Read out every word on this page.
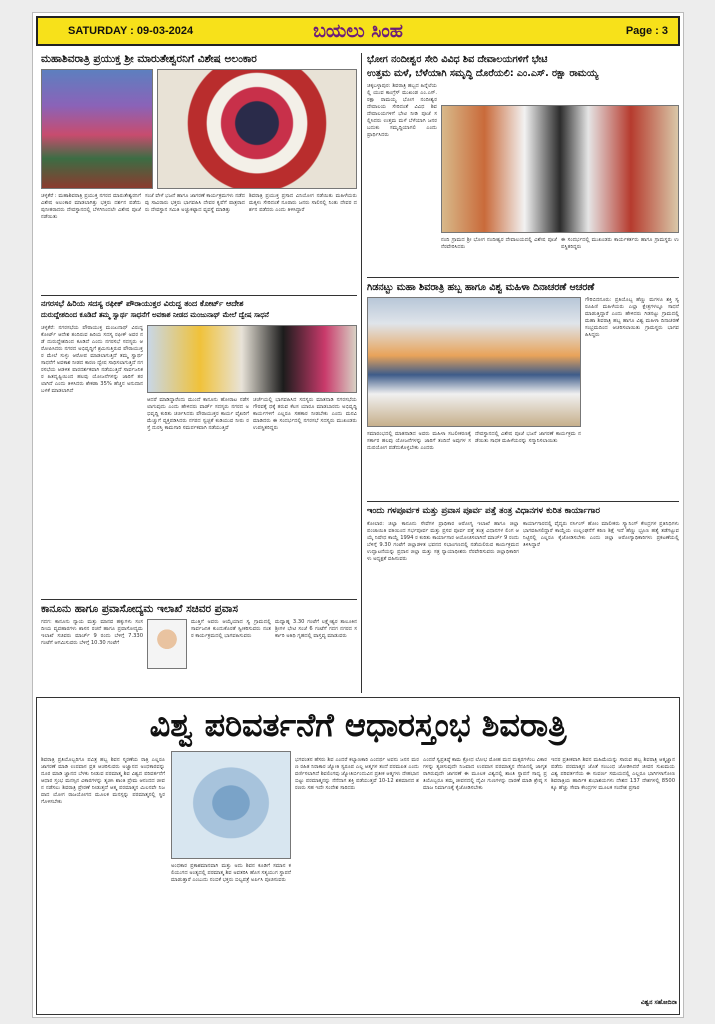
SATURDAY : 09-03-2024	ಬಯಲು ಸಿಂಹ	Page : 3
ಮಹಾಶಿವರಾತ್ರಿ ಪ್ರಯುಕ್ತ ಶ್ರೀ ಮಾರುತೇಶ್ವರನಿಗೆ ವಿಶೇಷ ಅಲಂಕಾರ
ಚಳ್ಳಕೆರೆ : ಮಹಾಶಿವರಾತ್ರಿ ಪ್ರಯುಕ್ತ ನಗರದ ಮಾರುತೇಶ್ವರನಿಗೆ ವಿಶೇಷ ಅಲಂಕಾರ ಮಾಡಲಾಗಿತ್ತು ಭಕ್ತರು ದರ್ಶನ ಪಡೆದು ಪುನೀತರಾದರು ದೇವಸ್ಥಾನದಲ್ಲಿ ಬೆಳಗಿನಿಂದಲೇ ವಿಶೇಷ ಪೂಜೆ ನಡೆಯಿತು
ಸಂಜೆ ವೇಳೆ ಭಜನೆ ಹಾಗೂ ಜಾಗರಣೆ ಕಾರ್ಯಕ್ರಮಗಳು ನಡೆದವು ಸಾವಿರಾರು ಭಕ್ತರು ಭಾಗವಹಿಸಿ ದೇವರ ಕೃಪೆಗೆ ಪಾತ್ರರಾದರು ದೇವಸ್ಥಾನ ಸಮಿತಿ ಅಚ್ಚುಕಟ್ಟಾದ ವ್ಯವಸ್ಥೆ ಮಾಡಿತ್ತು
ಶಿವರಾತ್ರಿ ಪ್ರಯುಕ್ತ ಪ್ರಸಾದ ವಿನಿಯೋಗ ನಡೆಯಿತು ಮಹಿಳೆಯರು ಮಕ್ಕಳು ಸೇರಿದಂತೆ ನೂರಾರು ಜನರು ಸಾಲಿನಲ್ಲಿ ನಿಂತು ದೇವರ ದರ್ಶನ ಪಡೆದರು ಎಂದು ತಿಳಿಸಿದ್ದಾರೆ
ನಗರಸಭೆ ಹಿರಿಯ ಸದಸ್ಯ ರಫೀಕ್ ಪೌರಾಯುಕ್ತರ ವಿರುದ್ಧ ತಂದ ಕೋರ್ಟ್ ಆದೇಶ
ದುರುದ್ದೇಶದಿಂದ ಕೂಡಿದೆ ತಮ್ಮ ಸ್ವಾರ್ಥ ಸಾಧನೆಗೆ ಅವಕಾಶ ನೀಡದ ಮಂಜುನಾಥ್ ಮೇಲೆ ದ್ವೇಷ ಸಾಧನೆ
ಚಳ್ಳಕೆರೆ: ನಗರಸಭೆಯ ಪೌರಾಯುಕ್ತ ಮಂಜುನಾಥ್ ವಿರುದ್ಧ ಕೋರ್ಟ್ ಆದೇಶ ತಂದಿರುವ ಹಿರಿಯ ಸದಸ್ಯ ರಫೀಕ್ ಅವರ ನಡೆ ದುರುದ್ದೇಶದಿಂದ ಕೂಡಿದೆ ಎಂದು ನಗರಸಭೆ ಸದಸ್ಯರು ಆರೋಪಿಸಿದರು ನಗರದ ಅಭಿವೃದ್ಧಿಗೆ ಶ್ರಮಿಸುತ್ತಿರುವ ಪೌರಾಯುಕ್ತರ ಮೇಲೆ ಸುಳ್ಳು ಆರೋಪ ಮಾಡಲಾಗುತ್ತಿದೆ ತಮ್ಮ ಸ್ವಾರ್ಥ ಸಾಧನೆಗೆ ಅವಕಾಶ ನೀಡದ ಕಾರಣ ದ್ವೇಷ ಸಾಧಿಸಲಾಗುತ್ತಿದೆ ನಗರಸಭೆಯ ಆಡಳಿತ ಪಾರದರ್ಶಕವಾಗಿ ನಡೆಯುತ್ತಿದೆ ಸಾರ್ವಜನಿಕರ ಹಿತದೃಷ್ಟಿಯಿಂದ ಹಲವು ಯೋಜನೆಗಳನ್ನು ಜಾರಿಗೆ ತರಲಾಗಿದೆ ಎಂದು ತಿಳಿಸಿದರು ಶೇಕಡಾ 35% ಹೆಚ್ಚಿನ ಅನುದಾನ ಬಳಕೆ ಮಾಡಲಾಗಿದೆ
ಆದರೆ ಮಾಡಿದ್ದಾರೆಂದು ಮುಂದೆ ಕಾನೂನು ಹೋರಾಟ ನಡೆಸಲಾಗುವುದು ಎಂದು ಹೇಳಿದರು ವಾರ್ಡ್ ಸದಸ್ಯರು ನಗರದ ಅಭಿವೃದ್ಧಿ ಕುರಿತು ಚರ್ಚಿಸಿದರು ಪೌರಾಯುಕ್ತರ ಕಾರ್ಯ ವೈಖರಿಗೆ ಮೆಚ್ಚುಗೆ ವ್ಯಕ್ತಪಡಿಸಿದರು ನಗರದ ಸ್ವಚ್ಛತೆ ಕುಡಿಯುವ ನೀರು ರಸ್ತೆ ದುರಸ್ತಿ ಕಾಮಗಾರಿ ಸಮರ್ಪಕವಾಗಿ ನಡೆಯುತ್ತಿವೆ
ಚರ್ಚೆಯಲ್ಲಿ ಭಾಗವಹಿಸಿದ ಸದಸ್ಯರು ಮಾತನಾಡಿ ನಗರಸಭೆಯ ಗೌರವಕ್ಕೆ ಧಕ್ಕೆ ತರುವ ಕೆಲಸ ಯಾರೂ ಮಾಡಬಾರದು ಅಭಿವೃದ್ಧಿ ಕಾರ್ಯಗಳಿಗೆ ಎಲ್ಲರೂ ಸಹಕಾರ ನೀಡಬೇಕು ಎಂದು ಮನವಿ ಮಾಡಿದರು ಈ ಸಂದರ್ಭದಲ್ಲಿ ನಗರಸಭೆ ಸದಸ್ಯರು ಮುಖಂಡರು ಉಪಸ್ಥಿತರಿದ್ದರು
ಕಾನೂನು ಹಾಗೂ ಪ್ರವಾಸೋದ್ಯಮ ಇಲಾಖೆ ಸಚಿವರ ಪ್ರವಾಸ
ಗದಗ: ಕಾನೂನು ನ್ಯಾಯ ಮತ್ತು ಮಾನವ ಹಕ್ಕುಗಳು ಸಂಸದೀಯ ವ್ಯವಹಾರಗಳು ಶಾಸನ ರಚನೆ ಹಾಗೂ ಪ್ರವಾಸೋದ್ಯಮ ಇಲಾಖೆ ಸಚಿವರು ಮಾರ್ಚ್ 9 ರಂದು ಬೆಳಿಗ್ಗೆ 7.330 ಗಂಟೆಗೆ ಆಗಮಿಸುವರು ಬೆಳಿಗ್ಗೆ 10.30 ಗಂಟೆಗೆ
ಮುತ್ತಿಗೆ ಅವರು ಆಯ್ಕೆಯಾದ ಸ್ವ ಗ್ರಾಮದಲ್ಲಿ ಸಾರ್ವಜನಿಕ ಕುಂದುಕೊರತೆ ಸ್ವೀಕರಿಸುವರು ನಂತರ ಕಾರ್ಯಕ್ರಮದಲ್ಲಿ ಭಾಗವಹಿಸುವರು
ಮಧ್ಯಾಹ್ನ 3.30 ಗಂಟೆಗೆ ಲಕ್ಷ್ಮೇಶ್ವರ ತಾಲೂಕಿನ ಶ್ರೀಗಳ ಭೇಟಿ ಸಂಜೆ 6 ಗಂಟೆಗೆ ಗದಗ ನಗರದ ಸರ್ಕಾರಿ ಅತಿಥಿ ಗೃಹದಲ್ಲಿ ವಾಸ್ತವ್ಯ ಮಾಡುವರು
ಭೋಗ ನಂದೀಶ್ವರ ಸೇರಿ ವಿವಿಧ ಶಿವ ದೇವಾಲಯಗಳಿಗೆ ಭೇಟಿ
ಉತ್ತಮ ಮಳೆ, ಬೆಳೆಯಾಗಿ ಸಮೃದ್ಧಿ ದೊರೆಯಲಿ: ಎಂ.ಎಸ್. ರಕ್ಷಾ ರಾಮಯ್ಯ
ಚಿಕ್ಕಬಳ್ಳಾಪುರ: ಶಿವರಾತ್ರಿ ಹಬ್ಬದ ಹಿನ್ನೆಲೆಯಲ್ಲಿ ಯುವ ಕಾಂಗ್ರೆಸ್ ಮುಖಂಡ ಎಂ.ಎಸ್. ರಕ್ಷಾ ರಾಮಯ್ಯ ಭೋಗ ನಂದೀಶ್ವರ ದೇವಾಲಯ ಸೇರಿದಂತೆ ವಿವಿಧ ಶಿವ ದೇವಾಲಯಗಳಿಗೆ ಭೇಟಿ ನೀಡಿ ಪೂಜೆ ಸಲ್ಲಿಸಿದರು ಉತ್ತಮ ಮಳೆ ಬೆಳೆಯಾಗಿ ಜನರ ಬದುಕು ಸಮೃದ್ಧಿಯಾಗಲಿ ಎಂದು ಪ್ರಾರ್ಥಿಸಿದರು
ನಂದಿ ಗ್ರಾಮದ ಶ್ರೀ ಭೋಗ ನಂದೀಶ್ವರ ದೇವಾಲಯದಲ್ಲಿ ವಿಶೇಷ ಪೂಜೆ ನೆರವೇರಿಸಿದರು
ಈ ಸಂದರ್ಭದಲ್ಲಿ ಮುಖಂಡರು ಕಾರ್ಯಕರ್ತರು ಹಾಗೂ ಗ್ರಾಮಸ್ಥರು ಉಪಸ್ಥಿತರಿದ್ದರು
ಗಿಡನಟ್ಟು ಮಹಾ ಶಿವರಾತ್ರಿ ಹಬ್ಬ ಹಾಗೂ ವಿಶ್ವ ಮಹಿಳಾ ದಿನಾಚರಣೆ ಆಚರಣೆ
ಗೌರಿಬಿದನೂರು: ಪ್ರತಿಯೊಬ್ಬ ಹೆಣ್ಣು ಮಗಳೂ ಶಕ್ತಿ ಸ್ವರೂಪಿಣಿ ಮಹಿಳೆಯರು ಎಲ್ಲಾ ಕ್ಷೇತ್ರಗಳಲ್ಲೂ ಸಾಧನೆ ಮಾಡುತ್ತಿದ್ದಾರೆ ಎಂದು ಹೇಳಿದರು ಗಿಡನಟ್ಟು ಗ್ರಾಮದಲ್ಲಿ ಮಹಾ ಶಿವರಾತ್ರಿ ಹಬ್ಬ ಹಾಗೂ ವಿಶ್ವ ಮಹಿಳಾ ದಿನಾಚರಣೆ ಸಂಭ್ರಮದಿಂದ ಆಚರಿಸಲಾಯಿತು ಗ್ರಾಮಸ್ಥರು ಭಾಗವಹಿಸಿದ್ದರು
ಸಮಾರಂಭದಲ್ಲಿ ಮಾತನಾಡಿದ ಅವರು ಮಹಿಳಾ ಸಬಲೀಕರಣಕ್ಕೆ ಸರ್ಕಾರ ಹಲವು ಯೋಜನೆಗಳನ್ನು ಜಾರಿಗೆ ತಂದಿದೆ ಅವುಗಳ ಸದುಪಯೋಗ ಪಡೆದುಕೊಳ್ಳಬೇಕು ಎಂದರು
ದೇವಸ್ಥಾನದಲ್ಲಿ ವಿಶೇಷ ಪೂಜೆ ಭಜನೆ ಜಾಗರಣೆ ಕಾರ್ಯಕ್ರಮ ನಡೆಯಿತು ಸಾಧಕ ಮಹಿಳೆಯರನ್ನು ಸನ್ಮಾನಿಸಲಾಯಿತು
ಇಂದು ಗಳಪೂರ್ವಕ ಮತ್ತು ಪ್ರವಾಸ ಪೂರ್ವ ಪತ್ತೆ ತಂತ್ರ ವಿಧಾನಗಳ ಕುರಿತ ಕಾರ್ಯಾಗಾರ
ಕೋಲಾರ: ಜಿಲ್ಲಾ ಕಾನೂನು ಸೇವೆಗಳ ಪ್ರಾಧಿಕಾರ ಆರೋಗ್ಯ ಇಲಾಖೆ ಹಾಗೂ ಜಿಲ್ಲಾ ಪಂಚಾಯಿತಿ ವತಿಯಿಂದ ಗರ್ಭಪೂರ್ವ ಮತ್ತು ಪ್ರಸವ ಪೂರ್ವ ಪತ್ತೆ ತಂತ್ರ ವಿಧಾನಗಳ ಲಿಂಗ ಆಯ್ಕೆ ನಿಷೇಧ ಕಾಯ್ದೆ 1994 ರ ಕುರಿತು ಕಾರ್ಯಾಗಾರ ಆಯೋಜಿಸಲಾಗಿದೆ ಮಾರ್ಚ್ 9 ರಂದು ಬೆಳಿಗ್ಗೆ 9.30 ಗಂಟೆಗೆ ಜಿಲ್ಲಾಡಳಿತ ಭವನದ ಸಭಾಂಗಣದಲ್ಲಿ ನಡೆಯಲಿರುವ ಕಾರ್ಯಕ್ರಮದ ಉದ್ಘಾಟನೆಯನ್ನು ಪ್ರಧಾನ ಜಿಲ್ಲಾ ಮತ್ತು ಸತ್ರ ನ್ಯಾಯಾಧೀಶರು ನೆರವೇರಿಸುವರು ಜಿಲ್ಲಾಧಿಕಾರಿಗಳು ಅಧ್ಯಕ್ಷತೆ ವಹಿಸುವರು
ಕಾರ್ಯಾಗಾರದಲ್ಲಿ ವೈದ್ಯರು ನರ್ಸಿಂಗ್ ಹೋಂ ಮಾಲೀಕರು ಸ್ಕ್ಯಾನಿಂಗ್ ಕೇಂದ್ರಗಳ ಪ್ರತಿನಿಧಿಗಳು ಭಾಗವಹಿಸಲಿದ್ದಾರೆ ಕಾಯ್ದೆಯ ಉಲ್ಲಂಘನೆಗೆ ಕಠಿಣ ಶಿಕ್ಷೆ ಇದೆ ಹೆಣ್ಣು ಭ್ರೂಣ ಹತ್ಯೆ ತಡೆಗಟ್ಟುವ ನಿಟ್ಟಿನಲ್ಲಿ ಎಲ್ಲರೂ ಕೈಜೋಡಿಸಬೇಕು ಎಂದು ಜಿಲ್ಲಾ ಆರೋಗ್ಯಾಧಿಕಾರಿಗಳು ಪ್ರಕಟಣೆಯಲ್ಲಿ ತಿಳಿಸಿದ್ದಾರೆ
ವಿಶ್ವ ಪರಿವರ್ತನೆಗೆ ಆಧಾರಸ್ತಂಭ ಶಿವರಾತ್ರಿ
ಶಿವರಾತ್ರಿ ಪ್ರತಿಯೊಬ್ಬರಿಗೂ ಪವಿತ್ರ ಹಬ್ಬ ಶಿವನ ಸ್ಮರಣೆಯ ರಾತ್ರಿ ಎಲ್ಲರೂ ಜಾಗರಣೆ ಮಾಡಿ ಉಪವಾಸ ವ್ರತ ಆಚರಿಸುವರು ಅಜ್ಞಾನದ ಅಂಧಕಾರವನ್ನು ದೂರ ಮಾಡಿ ಜ್ಞಾನದ ಬೆಳಕು ನೀಡುವ ಪರಮಾತ್ಮ ಶಿವ ವಿಶ್ವದ ಪರಿವರ್ತನೆಗೆ ಆಧಾರ ಸ್ತಂಭ ಮನಸ್ಸಿನ ವಿಕಾರಗಳನ್ನು ತ್ಯಜಿಸಿ ಶಾಂತಿ ಪ್ರೇಮ ಆನಂದದ ಜೀವನ ನಡೆಸಲು ಶಿವರಾತ್ರಿ ಪ್ರೇರಣೆ ನೀಡುತ್ತದೆ ಆತ್ಮ ಪರಮಾತ್ಮನ ಮಿಲನವೇ ನಿಜವಾದ ಯೋಗ ರಾಜಯೋಗದ ಮೂಲಕ ಮನಸ್ಸನ್ನು ಪರಮಾತ್ಮನಲ್ಲಿ ಸ್ಥಿರಗೊಳಿಸಬೇಕು
ಅಂಧಕಾರ ಪ್ರಕಾಶಮಾನವಾಗಿ ಮತ್ತು ಅದು ಶಿವನ ಕೂಡಿಗೆ ಸಮಾನ ಕಲಿಯುಗದ ಅಂತ್ಯದಲ್ಲಿ ಪರಮಾತ್ಮ ಶಿವ ಅವತರಿಸಿ ಹೊಸ ಸತ್ಯಯುಗ ಸ್ಥಾಪನೆ ಮಾಡುತ್ತಾರೆ ಎಂಬುದು ನಂಬಿಕೆ ಭಕ್ತರು ಬಿಲ್ವಪತ್ರೆ ಅರ್ಪಿಸಿ ಪೂಜಿಸುವರು
ಭಗವಂತನ ಹೆಸರು ಶಿವ ಎಂದರೆ ಕಲ್ಯಾಣಕಾರಿ ಎಂದರ್ಥ ಅವನು ಜನನ ಮರಣ ರಹಿತ ನಿರಾಕಾರ ಜ್ಯೋತಿ ಸ್ವರೂಪ ಎಲ್ಲ ಆತ್ಮಗಳ ತಂದೆ ಪರಮಪಿತ ಎಂದು ವರ್ಣಿಸಲಾಗಿದೆ ಶಿವಲಿಂಗವು ಜ್ಯೋತಿರ್ಬಿಂದುವಿನ ಪ್ರತೀಕ ಆತ್ಮಗಳು ದೇಹಭಾನ ಬಿಟ್ಟು ಪರಮಾತ್ಮನನ್ನು ನೆನೆದಾಗ ಶಕ್ತಿ ಪಡೆಯುತ್ತವೆ 10-12 ಶತಮಾನದ ಶರಣರು ಸಹ ಇದೇ ಸಂದೇಶ ಸಾರಿದರು
ಎಂದರೆ ಸ್ವಪ್ರತಿಷ್ಠೆ ಕಾಮ ಕ್ರೋಧ ಲೋಭ ಮೋಹ ಮದ ಮತ್ಸರಗಳೆಂಬ ವಿಕಾರಗಳನ್ನು ತ್ಯಜಿಸುವುದೇ ನಿಜವಾದ ಉಪವಾಸ ಪರಮಾತ್ಮನ ನೆನಪಿನಲ್ಲಿ ಜಾಗೃತರಾಗಿರುವುದೇ ಜಾಗರಣೆ ಈ ಮೂಲಕ ವಿಶ್ವದಲ್ಲಿ ಶಾಂತಿ ಸ್ಥಾಪನೆ ಸಾಧ್ಯ ಪ್ರತಿಯೊಬ್ಬರೂ ತಮ್ಮ ಜೀವನದಲ್ಲಿ ದೈವೀ ಗುಣಗಳನ್ನು ಧಾರಣೆ ಮಾಡಿ ಶ್ರೇಷ್ಠ ಸಮಾಜ ನಿರ್ಮಾಣಕ್ಕೆ ಕೈಜೋಡಿಸಬೇಕು
ಇದರ ಪ್ರತೀಕವಾಗಿ ಶಿವನ ಮಹಿಮೆಯನ್ನು ಸಾರುವ ಹಬ್ಬ ಶಿವರಾತ್ರಿ ಆತ್ಮಜ್ಞಾನ ಪಡೆದು ಪರಮಾತ್ಮನ ಜೊತೆ ಸಂಬಂಧ ಜೋಡಿಸಿದರೆ ಜೀವನ ಸುಖಮಯ ವಿಶ್ವ ಪರಿವರ್ತನೆಯ ಈ ಸುವರ್ಣ ಸಮಯದಲ್ಲಿ ಎಲ್ಲರೂ ಭಾಗಿಗಳಾಗೋಣ ಶಿವರಾತ್ರಿಯ ಹಾರ್ದಿಕ ಶುಭಾಶಯಗಳು ದೇಶದ 137 ದೇಶಗಳಲ್ಲಿ 8500 ಕ್ಕೂ ಹೆಚ್ಚು ಸೇವಾ ಕೇಂದ್ರಗಳ ಮೂಲಕ ಸಂದೇಶ ಪ್ರಸಾರ
ವಿಶ್ವನ ಸಹೋದಿನಾ
